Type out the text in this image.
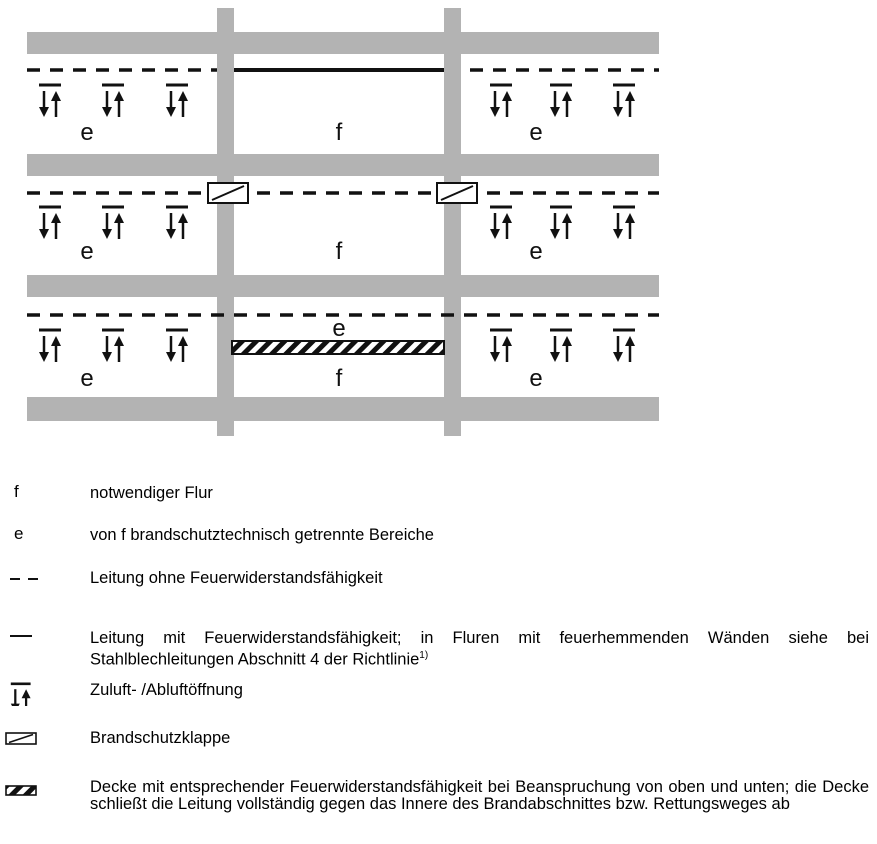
e	f	e
e	f	e
e
e
f	e
f	notwendiger Flur
e	von f brandschutztechnisch getrennte Bereiche
Leitung ohne Feuerwiderstandsfähigkeit
Leitung mit Feuerwiderstandsfähigkeit; in Fluren mit feuerhemmenden Wänden siehe bei Stahlblechleitungen Abschnitt 4 der Richtlinie$^{1)}$
Zuluft- /Abluftöffnung
Brandschutzklappe
Decke mit entsprechender Feuerwiderstandsfähigkeit bei Beanspruchung von oben und unten; die Decke schließt die Leitung vollständig gegen das Innere des Brandabschnittes bzw. Rettungsweges ab
